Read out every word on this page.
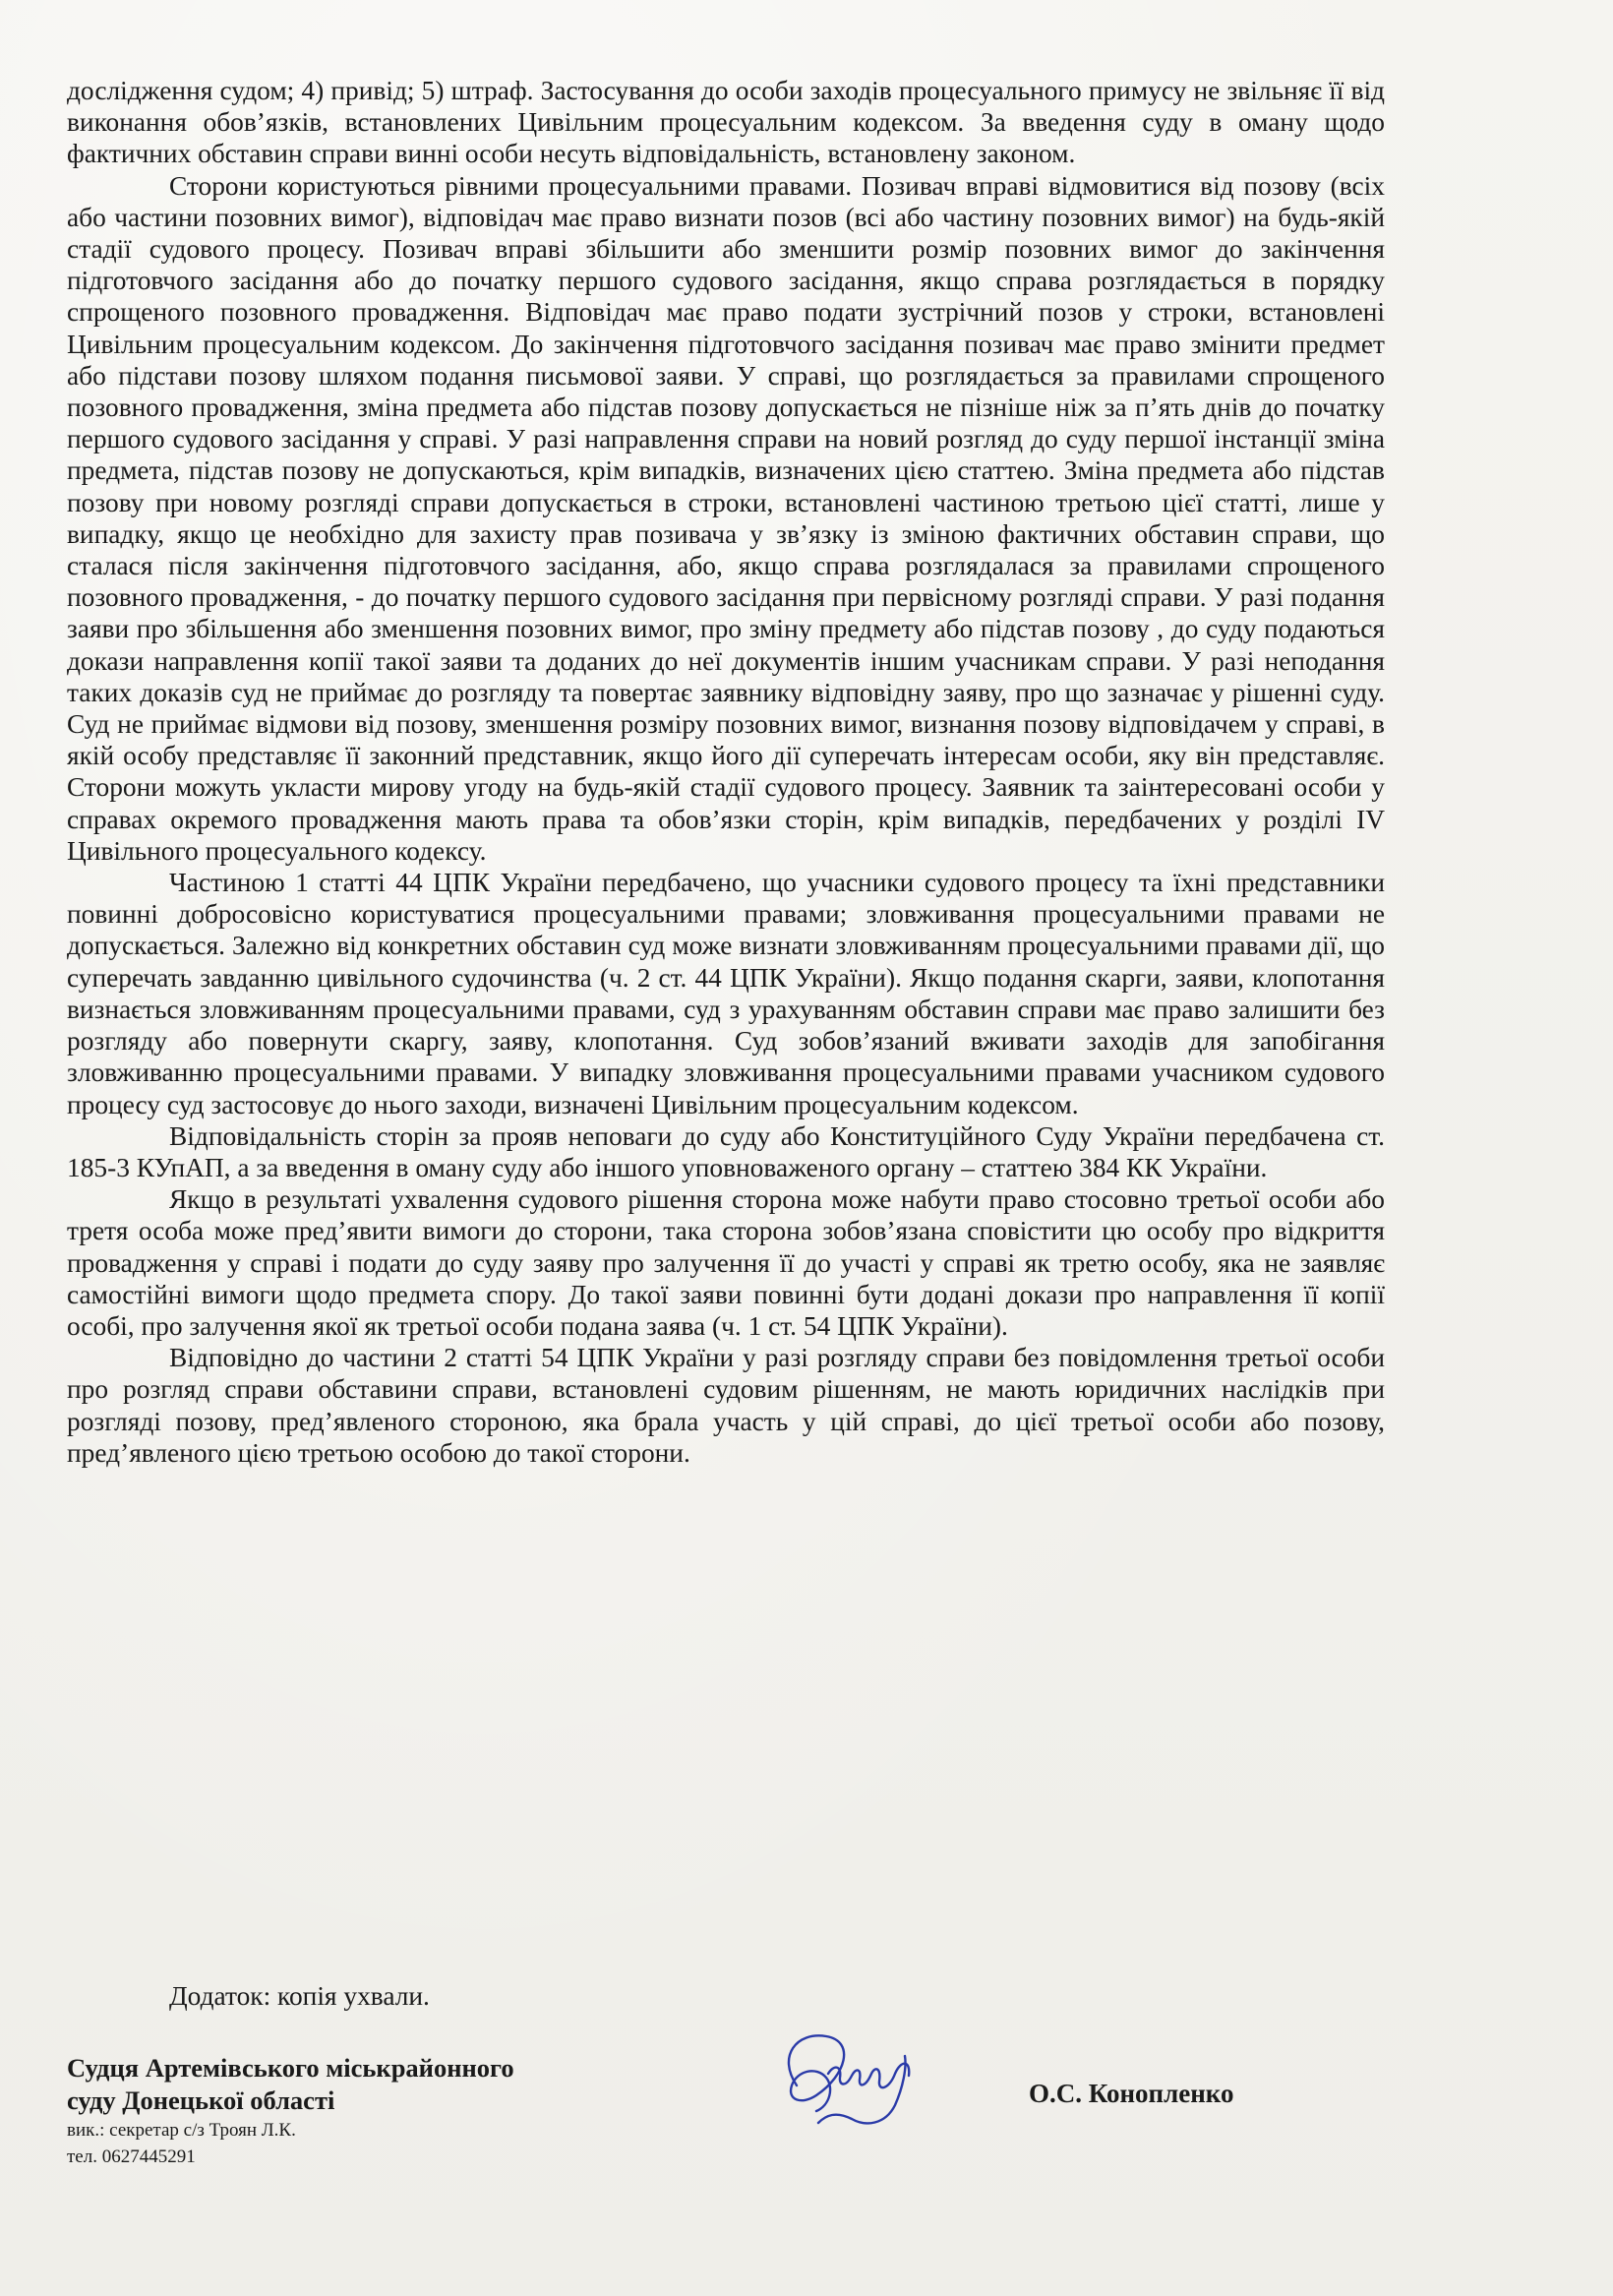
дослідження судом; 4) привід; 5) штраф. Застосування до особи заходів процесуального примусу не звільняє її від виконання обов’язків, встановлених Цивільним процесуальним кодексом. За введення суду в оману щодо фактичних обставин справи винні особи несуть відповідальність, встановлену законом.

Сторони користуються рівними процесуальними правами. Позивач вправі відмовитися від позову (всіх або частини позовних вимог), відповідач має право визнати позов (всі або частину позовних вимог) на будь-якій стадії судового процесу. Позивач вправі збільшити або зменшити розмір позовних вимог до закінчення підготовчого засідання або до початку першого судового засідання, якщо справа розглядається в порядку спрощеного позовного провадження. Відповідач має право подати зустрічний позов у строки, встановлені Цивільним процесуальним кодексом. До закінчення підготовчого засідання позивач має право змінити предмет або підстави позову шляхом подання письмової заяви. У справі, що розглядається за правилами спрощеного позовного провадження, зміна предмета або підстав позову допускається не пізніше ніж за п’ять днів до початку першого судового засідання у справі. У разі направлення справи на новий розгляд до суду першої інстанції зміна предмета, підстав позову не допускаються, крім випадків, визначених цією статтею. Зміна предмета або підстав позову при новому розгляді справи допускається в строки, встановлені частиною третьою цієї статті, лише у випадку, якщо це необхідно для захисту прав позивача у зв’язку із зміною фактичних обставин справи, що сталася після закінчення підготовчого засідання, або, якщо справа розглядалася за правилами спрощеного позовного провадження, - до початку першого судового засідання при первісному розгляді справи. У разі подання заяви про збільшення або зменшення позовних вимог, про зміну предмету або підстав позову , до суду подаються докази направлення копії такої заяви та доданих до неї документів іншим учасникам справи. У разі неподання таких доказів суд не приймає до розгляду та повертає заявнику відповідну заяву, про що зазначає у рішенні суду. Суд не приймає відмови від позову, зменшення розміру позовних вимог, визнання позову відповідачем у справі, в якій особу представляє її законний представник, якщо його дії суперечать інтересам особи, яку він представляє. Сторони можуть укласти мирову угоду на будь-якій стадії судового процесу. Заявник та заінтересовані особи у справах окремого провадження мають права та обов’язки сторін, крім випадків, передбачених у розділі IV Цивільного процесуального кодексу.

Частиною 1 статті 44 ЦПК України передбачено, що учасники судового процесу та їхні представники повинні добросовісно користуватися процесуальними правами; зловживання процесуальними правами не допускається. Залежно від конкретних обставин суд може визнати зловживанням процесуальними правами дії, що суперечать завданню цивільного судочинства (ч. 2 ст. 44 ЦПК України). Якщо подання скарги, заяви, клопотання визнається зловживанням процесуальними правами, суд з урахуванням обставин справи має право залишити без розгляду або повернути скаргу, заяву, клопотання. Суд зобов’язаний вживати заходів для запобігання зловживанню процесуальними правами. У випадку зловживання процесуальними правами учасником судового процесу суд застосовує до нього заходи, визначені Цивільним процесуальним кодексом.

Відповідальність сторін за прояв неповаги до суду або Конституційного Суду України передбачена ст. 185-3 КУпАП, а за введення в оману суду або іншого уповноваженого органу – статтею 384 КК України.

Якщо в результаті ухвалення судового рішення сторона може набути право стосовно третьої особи або третя особа може пред’явити вимоги до сторони, така сторона зобов’язана сповістити цю особу про відкриття провадження у справі і подати до суду заяву про залучення її до участі у справі як третю особу, яка не заявляє самостійні вимоги щодо предмета спору. До такої заяви повинні бути додані докази про направлення її копії особі, про залучення якої як третьої особи подана заява (ч. 1 ст. 54 ЦПК України).

Відповідно до частини 2 статті 54 ЦПК України у разі розгляду справи без повідомлення третьої особи про розгляд справи обставини справи, встановлені судовим рішенням, не мають юридичних наслідків при розгляді позову, пред’явленого стороною, яка брала участь у цій справі, до цієї третьої особи або позову, пред’явленого цією третьою особою до такої сторони.

Додаток: копія ухвали.

Судця Артемівського міськрайонного

суду Донецької області

вик.: секретар с/з Троян Л.К.

тел. 0627445291

О.С. Конопленко
